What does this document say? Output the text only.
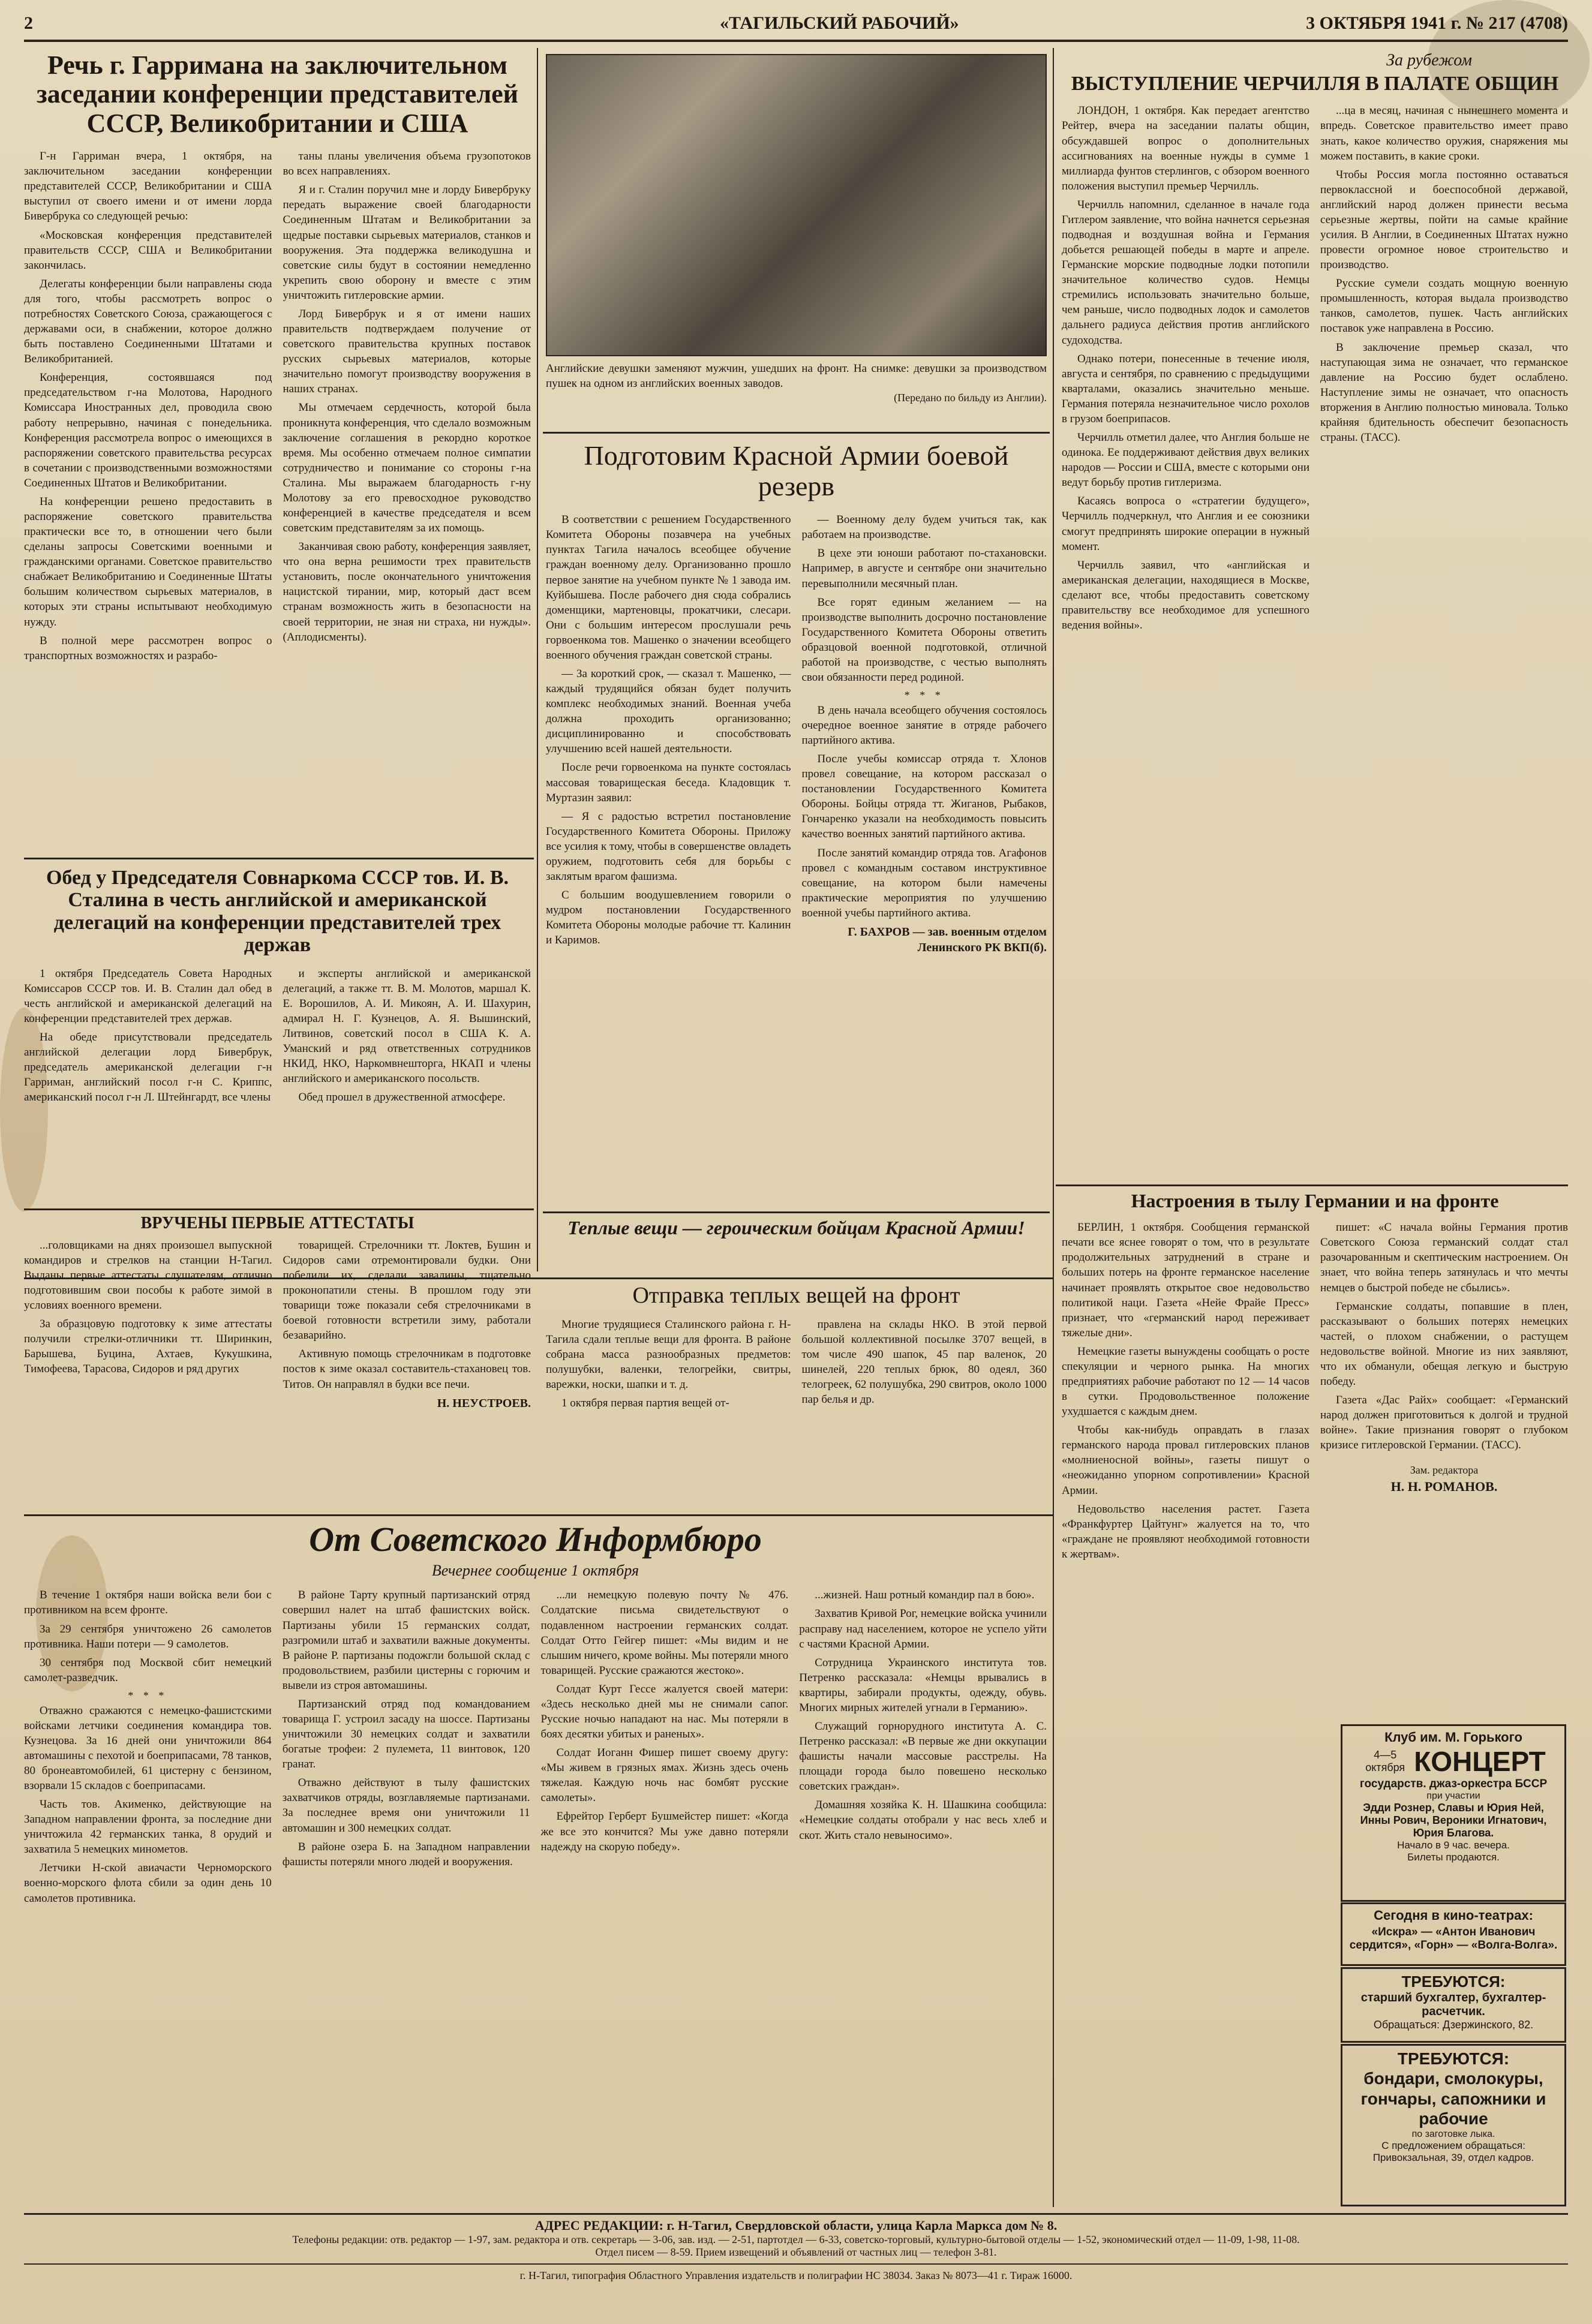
2	«ТАГИЛЬСКИЙ РАБОЧИЙ»	3 ОКТЯБРЯ 1941 г. № 217 (4708)
Речь г. Гарримана на заключительном заседании конференции представителей СССР, Великобритании и США

Г-н Гарриман вчера, 1 октября, на заключительном заседании конференции представителей СССР, Великобритании и США выступил от своего имени и от имени лорда Бивербрука со следующей речью:

«Московская конференция представителей правительств СССР, США и Великобритании закончилась.

Делегаты конференции были направлены сюда для того, чтобы рассмотреть вопрос о потребностях Советского Союза, сражающегося с державами оси, в снабжении, которое должно быть поставлено Соединенными Штатами и Великобританией.

Конференция, состоявшаяся под председательством г-на Молотова, Народного Комиссара Иностранных дел, проводила свою работу непрерывно, начиная с понедельника. Конференция рассмотрела вопрос о имеющихся в распоряжении советского правительства ресурсах в сочетании с производственными возможностями Соединенных Штатов и Великобритании.

На конференции решено предоставить в распоряжение советского правительства практически все то, в отношении чего были сделаны запросы Советскими военными и гражданскими органами. Советское правительство снабжает Великобританию и Соединенные Штаты большим количеством сырьевых материалов, в которых эти страны испытывают необходимую нужду.

В полной мере рассмотрен вопрос о транспортных возможностях и разрабо-

таны планы увеличения объема грузопотоков во всех направлениях.

Я и г. Сталин поручил мне и лорду Бивербруку передать выражение своей благодарности Соединенным Штатам и Великобритании за щедрые поставки сырьевых материалов, станков и вооружения. Эта поддержка великодушна и советские силы будут в состоянии немедленно укрепить свою оборону и вместе с этим уничтожить гитлеровские армии.

Лорд Бивербрук и я от имени наших правительств подтверждаем получение от советского правительства крупных поставок русских сырьевых материалов, которые значительно помогут производству вооружения в наших странах.

Мы отмечаем сердечность, которой была проникнута конференция, что сделало возможным заключение соглашения в рекордно короткое время. Мы особенно отмечаем полное симпатии сотрудничество и понимание со стороны г-на Сталина. Мы выражаем благодарность г-ну Молотову за его превосходное руководство конференцией в качестве председателя и всем советским представителям за их помощь.

Заканчивая свою работу, конференция заявляет, что она верна решимости трех правительств установить, после окончательного уничтожения нацистской тирании, мир, который даст всем странам возможность жить в безопасности на своей территории, не зная ни страха, ни нужды». (Аплодисменты).

Обед у Председателя Совнаркома СССР тов. И. В. Сталина в честь английской и американской делегаций на конференции представителей трех держав

1 октября Председатель Совета Народных Комиссаров СССР тов. И. В. Сталин дал обед в честь английской и американской делегаций на конференции представителей трех держав.

На обеде присутствовали председатель английской делегации лорд Бивербрук, председатель американской делегации г-н Гарриман, английский посол г-н С. Криппс, американский посол г-н Л. Штейнгардт, все члены

и эксперты английской и американской делегаций, а также тт. В. М. Молотов, маршал К. Е. Ворошилов, А. И. Микоян, А. И. Шахурин, адмирал Н. Г. Кузнецов, А. Я. Вышинский, Литвинов, советский посол в США К. А. Уманский и ряд ответственных сотрудников НКИД, НКО, Наркомвнешторга, НКАП и члены английского и американского посольств.

Обед прошел в дружественной атмосфере.

ВРУЧЕНЫ ПЕРВЫЕ АТТЕСТАТЫ

...головщиками на днях произошел выпускной командиров и стрелков на станции Н-Тагил. Выданы первые аттестаты слушателям, отлично подготовившим свои пособы к работе зимой в условиях военного времени.

За образцовую подготовку к зиме аттестаты получили стрелки-отличники тт. Ширинкин, Барышева, Буцина, Ахтаев, Кукушкина, Тимофеева, Тарасова, Сидоров и ряд других

товарищей. Стрелочники тт. Локтев, Бушин и Сидоров сами отремонтировали будки. Они побелили их, сделали завалины, тщательно проконопатили стены. В прошлом году эти товарищи тоже показали себя стрелочниками в боевой готовности встретили зиму, работали безаварийно.

Активную помощь стрелочникам в подготовке постов к зиме оказал составитель-стахановец тов. Титов. Он направлял в будки все печи.

Н. НЕУСТРОЕВ.
Английские девушки заменяют мужчин, ушедших на фронт. На снимке: девушки за производством пушек на одном из английских военных заводов.
(Передано по бильду из Англии).
Подготовим Красной Армии боевой резерв

В соответствии с решением Государственного Комитета Обороны позавчера на учебных пунктах Тагила началось всеобщее обучение граждан военному делу. Организованно прошло первое занятие на учебном пункте № 1 завода им. Куйбышева. После рабочего дня сюда собрались доменщики, мартеновцы, прокатчики, слесари. Они с большим интересом прослушали речь горвоенкома тов. Машенко о значении всеобщего военного обучения граждан советской страны.

— За короткий срок, — сказал т. Машенко, — каждый трудящийся обязан будет получить комплекс необходимых знаний. Военная учеба должна проходить организованно; дисциплинированно и способствовать улучшению всей нашей деятельности.

После речи горвоенкома на пункте состоялась массовая товарищеская беседа. Кладовщик т. Муртазин заявил:

— Я с радостью встретил постановление Государственного Комитета Обороны. Приложу все усилия к тому, чтобы в совершенстве овладеть оружием, подготовить себя для борьбы с заклятым врагом фашизма.

С большим воодушевлением говорили о мудром постановлении Государственного Комитета Обороны молодые рабочие тт. Калинин и Каримов.

— Военному делу будем учиться так, как работаем на производстве.

В цехе эти юноши работают по-стахановски. Например, в августе и сентябре они значительно перевыполнили месячный план.

Все горят единым желанием — на производстве выполнить досрочно постановление Государственного Комитета Обороны ответить образцовой военной подготовкой, отличной работой на производстве, с честью выполнять свои обязанности перед родиной.

* * *

В день начала всеобщего обучения состоялось очередное военное занятие в отряде рабочего партийного актива.

После учебы комиссар отряда т. Хлонов провел совещание, на котором рассказал о постановлении Государственного Комитета Обороны. Бойцы отряда тт. Жиганов, Рыбаков, Гончаренко указали на необходимость повысить качество военных занятий партийного актива.

После занятий командир отряда тов. Агафонов провел с командным составом инструктивное совещание, на котором были намечены практические мероприятия по улучшению военной учебы партийного актива.

Г. БАХРОВ — зав. военным отделом Ленинского РК ВКП(б).
Теплые вещи — героическим бойцам Красной Армии!
Отправка теплых вещей на фронт

Многие трудящиеся Сталинского района г. Н-Тагила сдали теплые вещи для фронта. В районе собрана масса разнообразных предметов: полушубки, валенки, телогрейки, свитры, варежки, носки, шапки и т. д.

1 октября первая партия вещей от-

правлена на склады НКО. В этой первой большой коллективной посылке 3707 вещей, в том числе 490 шапок, 45 пар валенок, 20 шинелей, 220 теплых брюк, 80 одеял, 360 телогреек, 62 полушубка, 290 свитров, около 1000 пар белья и др.

От Советского Информбюро
Вечернее сообщение 1 октября

В течение 1 октября наши войска вели бои с противником на всем фронте.

За 29 сентября уничтожено 26 самолетов противника. Наши потери — 9 самолетов.

30 сентября под Москвой сбит немецкий самолет-разведчик.

* * *

Отважно сражаются с немецко-фашистскими войсками летчики соединения командира тов. Кузнецова. За 16 дней они уничтожили 864 автомашины с пехотой и боеприпасами, 78 танков, 80 бронеавтомобилей, 61 цистерну с бензином, взорвали 15 складов с боеприпасами.

Часть тов. Акименко, действующие на Западном направлении фронта, за последние дни уничтожила 42 германских танка, 8 орудий и захватила 5 немецких минометов.

Летчики Н-ской авиачасти Черноморского военно-морского флота сбили за один день 10 самолетов противника.

В районе Тарту крупный партизанский отряд совершил налет на штаб фашистских войск. Партизаны убили 15 германских солдат, разгромили штаб и захватили важные документы. В районе Р. партизаны подожгли большой склад с продовольствием, разбили цистерны с горючим и вывели из строя автомашины.

Партизанский отряд под командованием товарища Г. устроил засаду на шоссе. Партизаны уничтожили 30 немецких солдат и захватили богатые трофеи: 2 пулемета, 11 винтовок, 120 гранат.

Отважно действуют в тылу фашистских захватчиков отряды, возглавляемые партизанами. За последнее время они уничтожили 11 автомашин и 300 немецких солдат.

В районе озера Б. на Западном направлении фашисты потеряли много людей и вооружения.

...ли немецкую полевую почту № 476. Солдатские письма свидетельствуют о подавленном настроении германских солдат. Солдат Отто Гейгер пишет: «Мы видим и не слышим ничего, кроме войны. Мы потеряли много товарищей. Русские сражаются жестоко».

Солдат Курт Гессе жалуется своей матери: «Здесь несколько дней мы не снимали сапог. Русские ночью нападают на нас. Мы потеряли в боях десятки убитых и раненых».

Солдат Иоганн Фишер пишет своему другу: «Мы живем в грязных ямах. Жизнь здесь очень тяжелая. Каждую ночь нас бомбят русские самолеты».

Ефрейтор Герберт Бушмейстер пишет: «Когда же все это кончится? Мы уже давно потеряли надежду на скорую победу».

...жизней. Наш ротный командир пал в бою».

Захватив Кривой Рог, немецкие войска учинили расправу над населением, которое не успело уйти с частями Красной Армии.

Сотрудница Украинского института тов. Петренко рассказала: «Немцы врывались в квартиры, забирали продукты, одежду, обувь. Многих мирных жителей угнали в Германию».

Служащий горнорудного института А. С. Петренко рассказал: «В первые же дни оккупации фашисты начали массовые расстрелы. На площади города было повешено несколько советских граждан».

Домашняя хозяйка К. Н. Шашкина сообщила: «Немецкие солдаты отобрали у нас весь хлеб и скот. Жить стало невыносимо».

За рубежом
ВЫСТУПЛЕНИЕ ЧЕРЧИЛЛЯ В ПАЛАТЕ ОБЩИН

ЛОНДОН, 1 октября. Как передает агентство Рейтер, вчера на заседании палаты общин, обсуждавшей вопрос о дополнительных ассигнованиях на военные нужды в сумме 1 миллиарда фунтов стерлингов, с обзором военного положения выступил премьер Черчилль.

Черчилль напомнил, сделанное в начале года Гитлером заявление, что война начнется серьезная подводная и воздушная война и Германия добьется решающей победы в марте и апреле. Германские морские подводные лодки потопили значительное количество судов. Немцы стремились использовать значительно больше, чем раньше, число подводных лодок и самолетов дальнего радиуса действия против английского судоходства.

Однако потери, понесенные в течение июля, августа и сентября, по сравнению с предыдущими кварталами, оказались значительно меньше. Германия потеряла незначительное число рохолов в грузом боеприпасов.

Черчилль отметил далее, что Англия больше не одинока. Ее поддерживают действия двух великих народов — России и США, вместе с которыми они ведут борьбу против гитлеризма.

Касаясь вопроса о «стратегии будущего», Черчилль подчеркнул, что Англия и ее союзники смогут предпринять широкие операции в нужный момент.

Черчилль заявил, что «английская и американская делегации, находящиеся в Москве, сделают все, чтобы предоставить советскому правительству все необходимое для успешного ведения войны».

...ца в месяц, начиная с нынешнего момента и впредь. Советское правительство имеет право знать, какое количество оружия, снаряжения мы можем поставить, в какие сроки.

Чтобы Россия могла постоянно оставаться первоклассной и боеспособной державой, английский народ должен принести весьма серьезные жертвы, пойти на самые крайние усилия. В Англии, в Соединенных Штатах нужно провести огромное новое строительство и производство.

Русские сумели создать мощную военную промышленность, которая выдала производство танков, самолетов, пушек. Часть английских поставок уже направлена в Россию.

В заключение премьер сказал, что наступающая зима не означает, что германское давление на Россию будет ослаблено. Наступление зимы не означает, что опасность вторжения в Англию полностью миновала. Только крайняя бдительность обеспечит безопасность страны. (ТАСС).

Настроения в тылу Германии и на фронте

БЕРЛИН, 1 октября. Сообщения германской печати все яснее говорят о том, что в результате продолжительных затруднений в стране и больших потерь на фронте германское население начинает проявлять открытое свое недовольство политикой наци. Газета «Нейе Фрайе Пресс» признает, что «германский народ переживает тяжелые дни».

Немецкие газеты вынуждены сообщать о росте спекуляции и черного рынка. На многих предприятиях рабочие работают по 12 — 14 часов в сутки. Продовольственное положение ухудшается с каждым днем.

Чтобы как-нибудь оправдать в глазах германского народа провал гитлеровских планов «молниеносной войны», газеты пишут о «неожиданно упорном сопротивлении» Красной Армии.

Недовольство населения растет. Газета «Франкфуртер Цайтунг» жалуется на то, что «граждане не проявляют необходимой готовности к жертвам».

пишет: «С начала войны Германия против Советского Союза германский солдат стал разочарованным и скептическим настроением. Он знает, что война теперь затянулась и что мечты немцев о быстрой победе не сбылись».

Германские солдаты, попавшие в плен, рассказывают о больших потерях немецких частей, о плохом снабжении, о растущем недовольстве войной. Многие из них заявляют, что их обманули, обещая легкую и быструю победу.

Газета «Дас Райх» сообщает: «Германский народ должен приготовиться к долгой и трудной войне». Такие признания говорят о глубоком кризисе гитлеровской Германии. (ТАСС).

Зам. редактора
Н. Н. РОМАНОВ.
Клуб им. М. Горького
4—5 октября КОНЦЕРТ
государств. джаз-оркестра БССР
при участии
Эдди Рознер, Славы и Юрия Ней, Инны Рович, Вероники Игнатович, Юрия Благова.
Начало в 9 час. вечера.
Билеты продаются.
Сегодня в кино-театрах:
«Искра» — «Антон Иванович сердится», «Горн» — «Волга-Волга».
ТРЕБУЮТСЯ:
старший бухгалтер, бухгалтер-расчетчик.
Обращаться: Дзержинского, 82.
ТРЕБУЮТСЯ:
бондари, смолокуры, гончары, сапожники и рабочие
по заготовке лыка.
С предложением обращаться: Привокзальная, 39, отдел кадров.
АДРЕС РЕДАКЦИИ: г. Н-Тагил, Свердловской области, улица Карла Маркса дом № 8.
Телефоны редакции: отв. редактор — 1-97, зам. редактора и отв. секретарь — 3-06, зав. изд. — 2-51, партотдел — 6-33, советско-торговый, культурно-бытовой отделы — 1-52, экономический отдел — 11-09, 1-98, 11-08.
Отдел писем — 8-59. Прием извещений и объявлений от частных лиц — телефон 3-81.
г. Н-Тагил, типография Областного Управления издательств и полиграфии НС 38034. Заказ № 8073—41 г. Тираж 16000.
